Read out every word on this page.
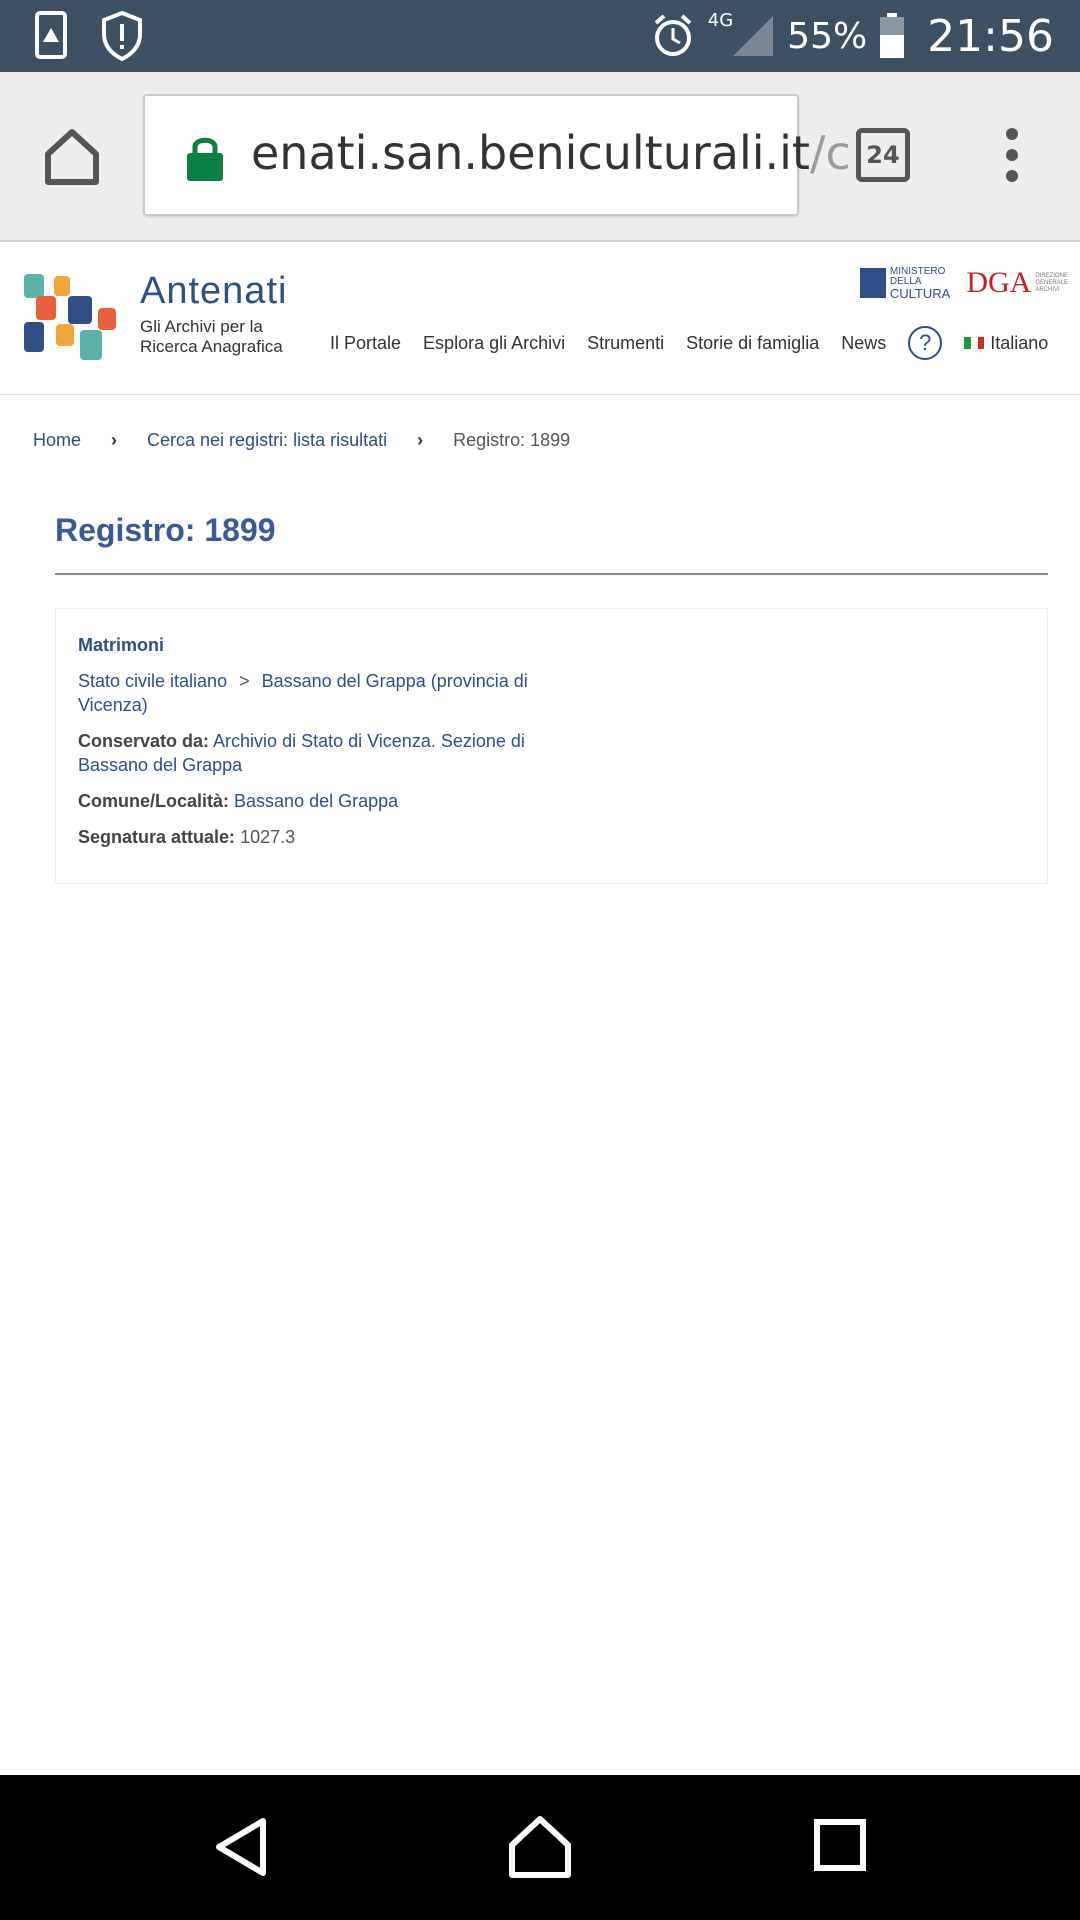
4G 55% 21:56
enati.san.beniculturali.it/c 24
Antenati
Gli Archivi per la
Ricerca Anagrafica
MINISTERO
DELLA
CULTURA DGA DIREZIONE
GENERALE
ARCHIVI
Il Portale Esplora gli Archivi Strumenti Storie di famiglia News	?	Italiano
Home › Cerca nei registri: lista risultati › Registro: 1899
Registro: 1899
Matrimoni
Stato civile italiano > Bassano del Grappa (provincia di Vicenza)
Conservato da: Archivio di Stato di Vicenza. Sezione di Bassano del Grappa
Comune/Località: Bassano del Grappa
Segnatura attuale: 1027.3
